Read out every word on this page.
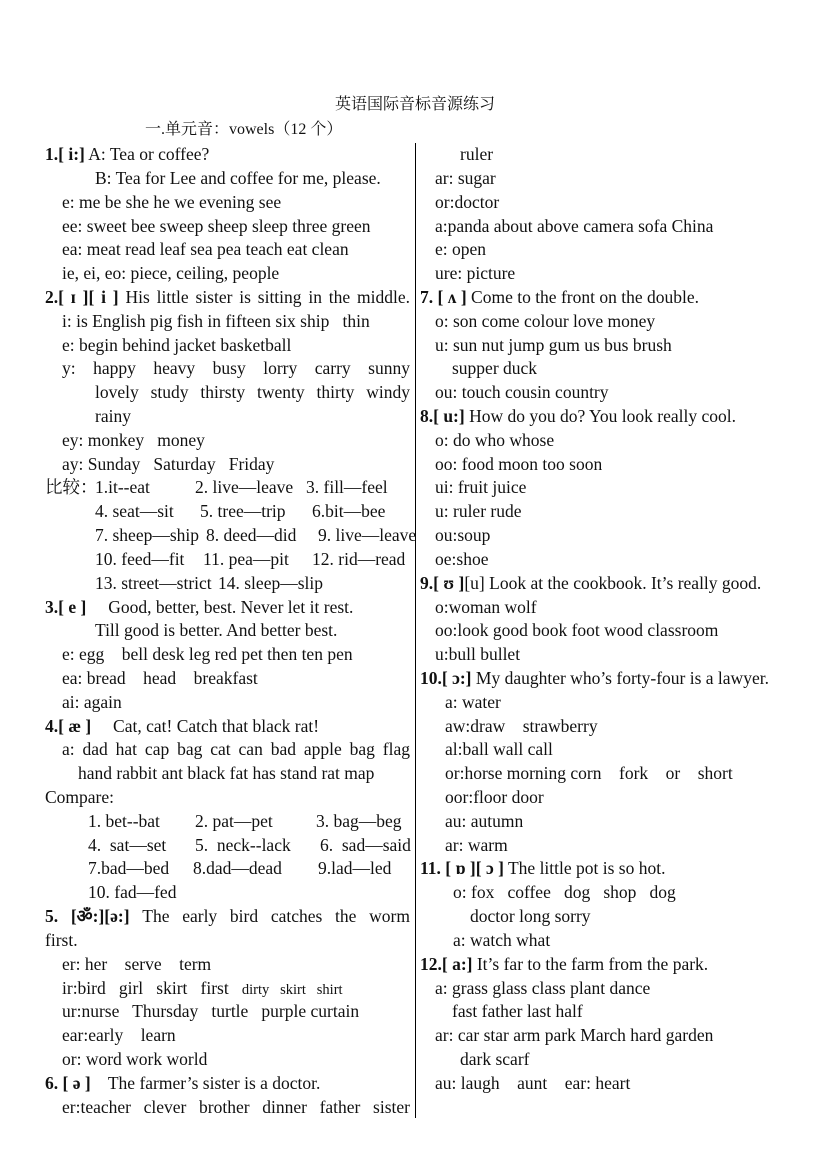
英语国际音标音源练习
一.单元音：vowels（12 个）
1.[ i:] A: Tea or coffee?
B: Tea for Lee and coffee for me, please.
e: me be she he we evening see
ee: sweet bee sweep sheep sleep three green
ea: meat read leaf sea pea teach eat clean
ie, ei, eo: piece, ceiling, people
2.[ ɪ ][ i ] His little sister is sitting in the middle.
i: is English pig fish in fifteen six ship   thin
e: begin behind jacket basketball
y: happy heavy busy lorry carry sunny
lovely study thirsty twenty thirty windy
rainy
ey: monkey   money
ay: Sunday   Saturday   Friday
比较：
1.it--eat	2. live—leave 3. fill—feel
4. seat—sit 5. tree—trip 6.bit—bee
7. sheep—ship 8. deed—did 9. live—leave
10. feed—fit 11. pea—pit 12. rid—read
13. street—strict 14. sleep—slip
3.[ e ]     Good, better, best. Never let it rest.
Till good is better. And better best.
e: egg    bell desk leg red pet then ten pen
ea: bread    head    breakfast
ai: again
4.[ æ ]     Cat, cat! Catch that black rat!
a: dad hat cap bag cat can bad apple bag flag
hand rabbit ant black fat has stand rat map
Compare:
1. bet--bat 2. pat—pet 3. bag—beg
4.  sat—set 5.  neck--lack 6.  sad—said
7.bad—bed 8.dad—dead 9.lad—led
10. fad—fed
5. [ॐ:][ə:] The early bird catches the worm
first.
er: her    serve    term
ir:bird   girl   skirt   first   dirty   skirt   shirt
ur:nurse   Thursday   turtle   purple curtain
ear:early    learn
or: word work world
6. [ ə ]    The farmer’s sister is a doctor.
er:teacher clever brother dinner father sister
ruler
ar: sugar
or:doctor
a:panda about above camera sofa China
e: open
ure: picture
7. [ ʌ ] Come to the front on the double.
o: son come colour love money
u: sun nut jump gum us bus brush
supper duck
ou: touch cousin country
8.[ u:] How do you do? You look really cool.
o: do who whose
oo: food moon too soon
ui: fruit juice
u: ruler rude
ou:soup
oe:shoe
9.[ ʊ ][u] Look at the cookbook. It’s really good.
o:woman wolf
oo:look good book foot wood classroom
u:bull bullet
10.[ ɔ:] My daughter who’s forty-four is a lawyer.
a: water
aw:draw    strawberry
al:ball wall call
or:horse morning corn    fork    or    short
oor:floor door
au: autumn
ar: warm
11. [ ɒ ][ ɔ ] The little pot is so hot.
o: fox   coffee   dog   shop   dog
doctor long sorry
a: watch what
12.[ a:] It’s far to the farm from the park.
a: grass glass class plant dance
fast father last half
ar: car star arm park March hard garden
dark scarf
au: laugh    aunt    ear: heart
